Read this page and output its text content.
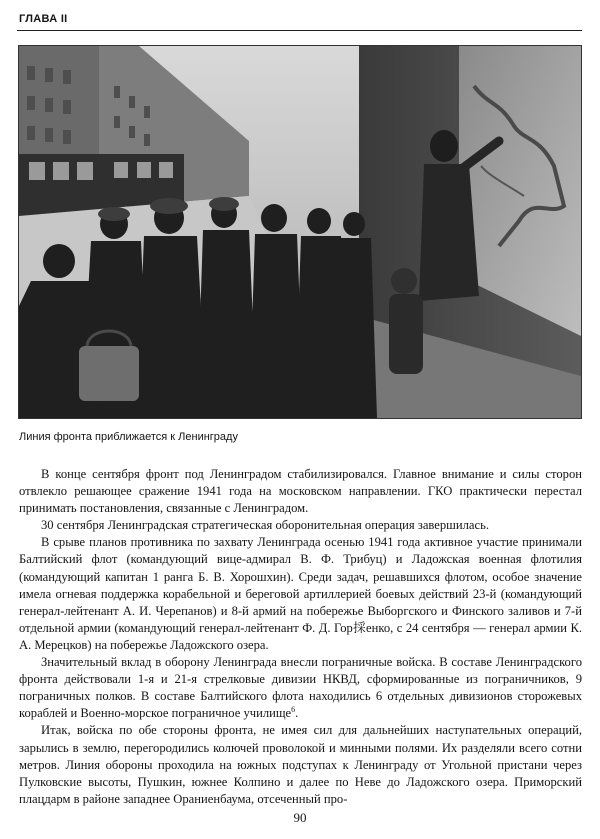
ГЛАВА II
Линия фронта приближается к Ленинграду

В конце сентября фронт под Ленинградом стабилизировался. Главное внимание и силы сторон отвлекло решающее сражение 1941 года на московском направлении. ГКО практически перестал принимать постановления, связанные с Ленинградом.

30 сентября Ленинградская стратегическая оборонительная операция завершилась.

В срыве планов противника по захвату Ленинграда осенью 1941 года активное участие принимали Балтийский флот (командующий вице-адмирал В. Ф. Трибуц) и Ладожская военная флотилия (командующий капитан 1 ранга Б. В. Хорошхин). Среди задач, решавшихся флотом, особое значение имела огневая поддержка корабельной и береговой артиллерией боевых действий 23-й (командующий генерал-лейтенант А. И. Черепанов) и 8-й армий на побережье Выборгского и Финского заливов и 7-й отдельной армии (командующий генерал-лейтенант Ф. Д. Гор採енко, с 24 сентября — генерал армии К. А. Мерецков) на побережье Ладожского озера.

Значительный вклад в оборону Ленинграда внесли пограничные войска. В составе Ленинградского фронта действовали 1-я и 21-я стрелковые дивизии НКВД, сформированные из пограничников, 9 пограничных полков. В составе Балтийского флота находились 6 отдельных дивизионов сторожевых кораблей и Военно-морское пограничное училище$^6$.

Итак, войска по обе стороны фронта, не имея сил для дальнейших наступательных операций, зарылись в землю, перегородились колючей проволокой и минными полями. Их разделяли всего сотни метров. Линия обороны проходила на южных подступах к Ленинграду от Угольной пристани через Пулковские высоты, Пушкин, южнее Колпино и далее по Неве до Ладожского озера. Приморский плацдарм в районе западнее Ораниенбаума, отсеченный про-

90
